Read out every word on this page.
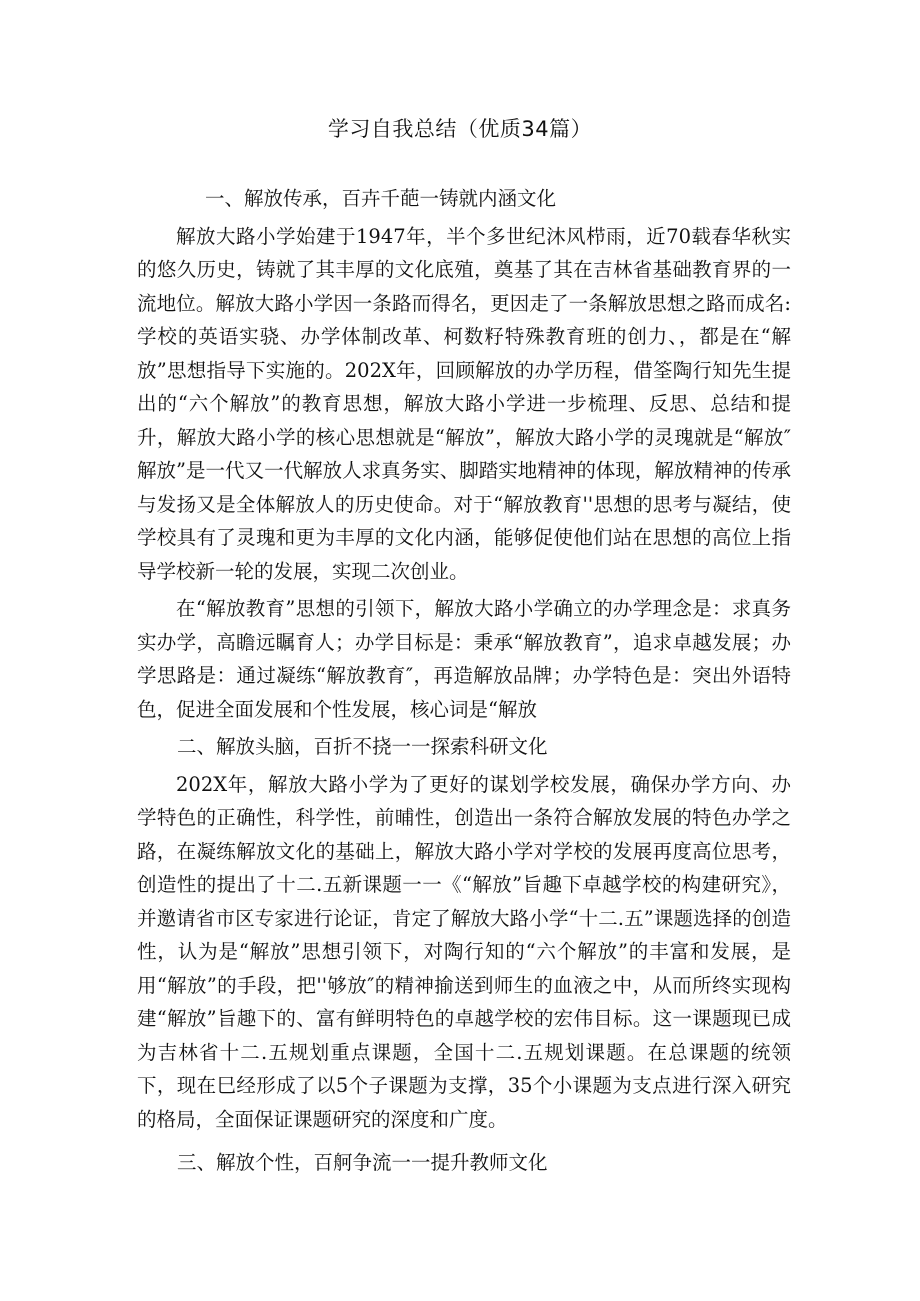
学习自我总结（优质34篇）

一、解放传承，百卉千葩一铸就内涵文化

解放大路小学始建于1947年，半个多世纪沐风栉雨，近70载春华秋实的悠久历史，铸就了其丰厚的文化底殖，奠基了其在吉林省基础教育界的一流地位。解放大路小学因一条路而得名，更因走了一条解放思想之路而成名:学校的英语实骁、办学体制改革、柯数籽特殊教育班的创力、，都是在“解放”思想指导下实施的。202X年，回顾解放的办学历程，借筌陶行知先生提出的“六个解放”的教育思想，解放大路小学进一步梳理、反思、总结和提升，解放大路小学的核心思想就是“解放”，解放大路小学的灵瑰就是“解放″解放”是一代又一代解放人求真务实、脚踏实地精神的体现，解放精神的传承与发扬又是全体解放人的历史使命。对于“解放教育''思想的思考与凝结，使学校具有了灵瑰和更为丰厚的文化内涵，能够促使他们站在思想的高位上指导学校新一轮的发展，实现二次创业。

在“解放教育”思想的引领下，解放大路小学确立的办学理念是：求真务实办学，高瞻远瞩育人；办学目标是：秉承“解放教育”，追求卓越发展；办学思路是：通过凝练“解放教育″，再造解放品牌；办学特色是：突出外语特色，促进全面发展和个性发展，核心词是“解放

二、解放头脑，百折不挠一一探索科研文化

202X年，解放大路小学为了更好的谋划学校发展，确保办学方向、办学特色的正确性，科学性，前晡性，创造出一条符合解放发展的特色办学之路，在凝练解放文化的基础上，解放大路小学对学校的发展再度高位思考，创造性的提出了十二.五新课题一一《“解放”旨趣下卓越学校的构建研究》，并邀请省市区专家进行论证，肯定了解放大路小学“十二.五”课题选择的创造性，认为是“解放”思想引领下，对陶行知的“六个解放”的丰富和发展，是用“解放”的手段，把''够放″的精神揄送到师生的血液之中，从而所终实现构建“解放”旨趣下的、富有鲜明特色的卓越学校的宏伟目标。这一课题现已成为吉林省十二.五规划重点课题，全国十二.五规划课题。在总课题的统领下，现在巳经形成了以5个子课题为支撑，35个小课题为支点进行深入研究的格局，全面保证课题研究的深度和广度。

三、解放个性，百舸争流一一提升教师文化
